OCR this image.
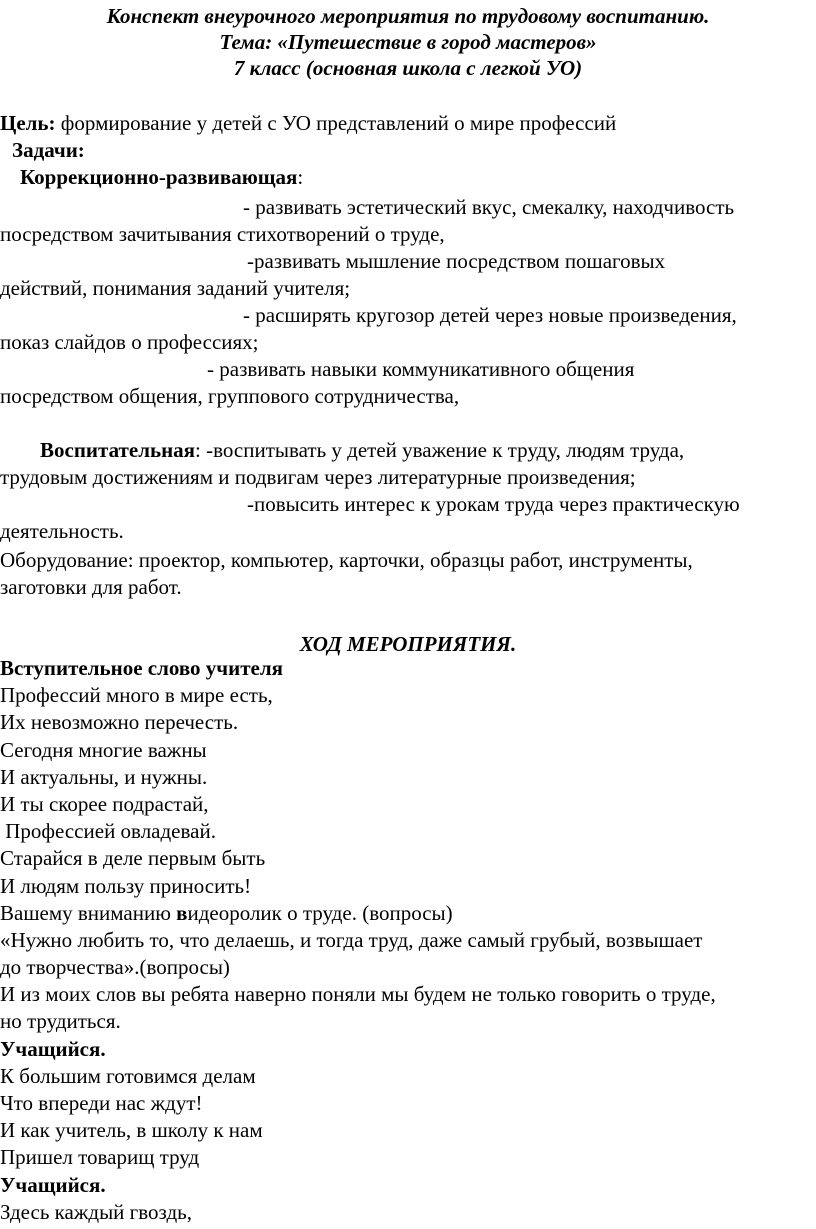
Конспект внеурочного мероприятия по трудовому воспитанию.
Тема: «Путешествие в город мастеров»
7 класс (основная школа с легкой УО)
Цель: формирование у детей с УО представлений о мире профессий
Задачи:
Коррекционно-развивающая:
- развивать эстетический вкус, смекалку, находчивость
посредством зачитывания стихотворений о труде,
-развивать мышление посредством пошаговых
действий, понимания заданий учителя;
- расширять кругозор детей через новые произведения,
показ слайдов о профессиях;
- развивать навыки коммуникативного общения
посредством общения, группового сотрудничества,
Воспитательная: -воспитывать у детей уважение к труду, людям труда,
трудовым достижениям и подвигам через литературные произведения;
-повысить интерес к урокам труда через практическую
деятельность.
Оборудование: проектор, компьютер, карточки, образцы работ, инструменты,
заготовки для работ.
ХОД МЕРОПРИЯТИЯ.
Вступительное слово учителя
Профессий много в мире есть,
Их невозможно перечесть.
Сегодня многие важны
И актуальны, и нужны.
И ты скорее подрастай,
Профессией овладевай.
Старайся в деле первым быть
И людям пользу приносить!
Вашему вниманию видеоролик о труде. (вопросы)
«Нужно любить то, что делаешь, и тогда труд, даже самый грубый, возвышает
до творчества».(вопросы)
И из моих слов вы ребята наверно поняли мы будем не только говорить о труде,
но трудиться.
Учащийся.
К большим готовимся делам
Что впереди нас ждут!
И как учитель, в школу к нам
Пришел товарищ труд
Учащийся.
Здесь каждый гвоздь,
